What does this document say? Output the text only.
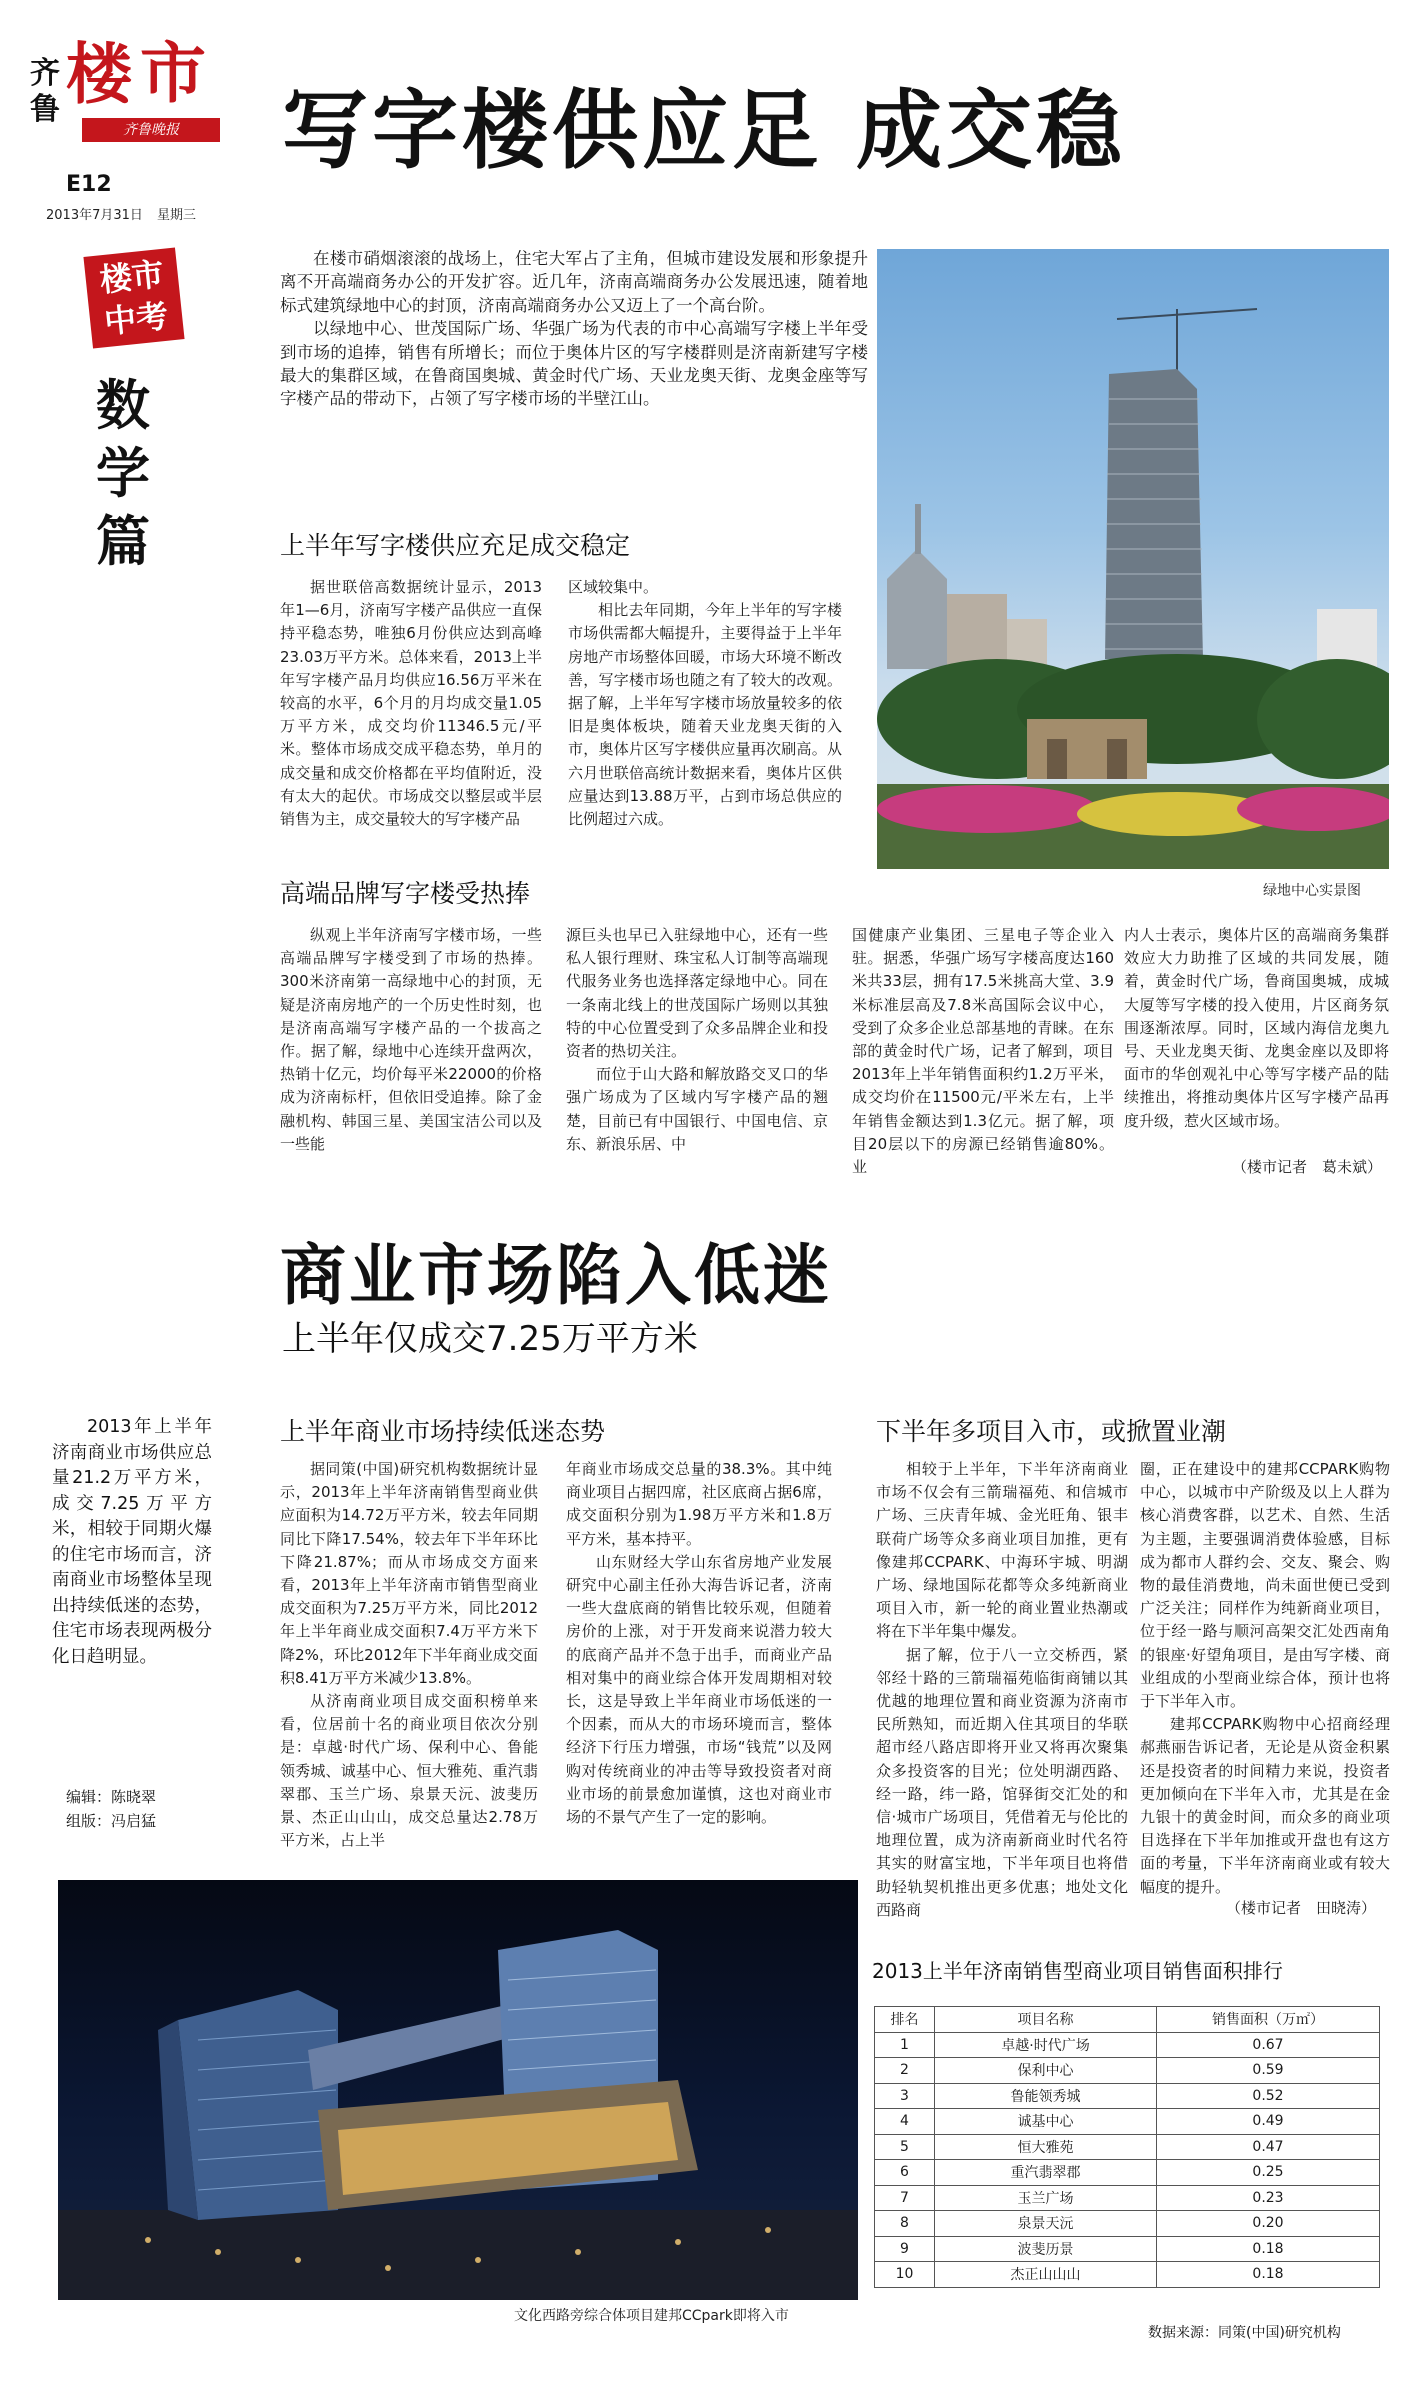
齐
鲁 楼 市
齐鲁晚报
E12
2013年7月31日 星期三
楼市
中考
数学篇
写字楼供应足 成交稳

在楼市硝烟滚滚的战场上，住宅大军占了主角，但城市建设发展和形象提升离不开高端商务办公的开发扩容。近几年，济南高端商务办公发展迅速，随着地标式建筑绿地中心的封顶，济南高端商务办公又迈上了一个高台阶。

以绿地中心、世茂国际广场、华强广场为代表的市中心高端写字楼上半年受到市场的追捧，销售有所增长；而位于奥体片区的写字楼群则是济南新建写字楼最大的集群区域，在鲁商国奥城、黄金时代广场、天业龙奥天街、龙奥金座等写字楼产品的带动下，占领了写字楼市场的半壁江山。

绿地中心实景图
上半年写字楼供应充足成交稳定

据世联倍高数据统计显示，2013年1—6月，济南写字楼产品供应一直保持平稳态势，唯独6月份供应达到高峰23.03万平方米。总体来看，2013上半年写字楼产品月均供应16.56万平米在较高的水平，6个月的月均成交量1.05万平方米，成交均价11346.5元/平米。整体市场成交成平稳态势，单月的成交量和成交价格都在平均值附近，没有太大的起伏。市场成交以整层或半层销售为主，成交量较大的写字楼产品

区域较集中。

相比去年同期，今年上半年的写字楼市场供需都大幅提升，主要得益于上半年房地产市场整体回暖，市场大环境不断改善，写字楼市场也随之有了较大的改观。据了解，上半年写字楼市场放量较多的依旧是奥体板块，随着天业龙奥天街的入市，奥体片区写字楼供应量再次刷高。从六月世联倍高统计数据来看，奥体片区供应量达到13.88万平，占到市场总供应的比例超过六成。

高端品牌写字楼受热捧

纵观上半年济南写字楼市场，一些高端品牌写字楼受到了市场的热捧。300米济南第一高绿地中心的封顶，无疑是济南房地产的一个历史性时刻，也是济南高端写字楼产品的一个拔高之作。据了解，绿地中心连续开盘两次，热销十亿元，均价每平米22000的价格成为济南标杆，但依旧受追捧。除了金融机构、韩国三星、美国宝洁公司以及一些能

源巨头也早已入驻绿地中心，还有一些私人银行理财、珠宝私人订制等高端现代服务业务也选择落定绿地中心。同在一条南北线上的世茂国际广场则以其独特的中心位置受到了众多品牌企业和投资者的热切关注。

而位于山大路和解放路交叉口的华强广场成为了区域内写字楼产品的翘楚，目前已有中国银行、中国电信、京东、新浪乐居、中

国健康产业集团、三星电子等企业入驻。据悉，华强广场写字楼高度达160米共33层，拥有17.5米挑高大堂、3.9米标准层高及7.8米高国际会议中心，受到了众多企业总部基地的青睐。在东部的黄金时代广场，记者了解到，项目2013年上半年销售面积约1.2万平米，成交均价在11500元/平米左右，上半年销售金额达到1.3亿元。据了解，项目20层以下的房源已经销售逾80%。业

内人士表示，奥体片区的高端商务集群效应大力助推了区域的共同发展，随着，黄金时代广场，鲁商国奥城，成城大厦等写字楼的投入使用，片区商务氛围逐渐浓厚。同时，区域内海信龙奥九号、天业龙奥天街、龙奥金座以及即将面市的华创观礼中心等写字楼产品的陆续推出，将推动奥体片区写字楼产品再度升级，惹火区域市场。

（楼市记者　葛未斌）
商业市场陷入低迷
上半年仅成交7.25万平方米
2013年上半年济南商业市场供应总量21.2万平方米，成交7.25万平方米，相较于同期火爆的住宅市场而言，济南商业市场整体呈现出持续低迷的态势，住宅市场表现两极分化日趋明显。
编辑：陈晓翠
组版：冯启猛
上半年商业市场持续低迷态势

据同策(中国)研究机构数据统计显示，2013年上半年济南销售型商业供应面积为14.72万平方米，较去年同期同比下降17.54%，较去年下半年环比下降21.87%；而从市场成交方面来看，2013年上半年济南市销售型商业成交面积为7.25万平方米，同比2012年上半年商业成交面积7.4万平方米下降2%，环比2012年下半年商业成交面积8.41万平方米减少13.8%。

从济南商业项目成交面积榜单来看，位居前十名的商业项目依次分别是：卓越·时代广场、保利中心、鲁能领秀城、诚基中心、恒大雅苑、重汽翡翠郡、玉兰广场、泉景天沅、波斐历景、杰正山山山，成交总量达2.78万平方米，占上半

年商业市场成交总量的38.3%。其中纯商业项目占据四席，社区底商占据6席，成交面积分别为1.98万平方米和1.8万平方米，基本持平。

山东财经大学山东省房地产业发展研究中心副主任孙大海告诉记者，济南一些大盘底商的销售比较乐观，但随着房价的上涨，对于开发商来说潜力较大的底商产品并不急于出手，而商业产品相对集中的商业综合体开发周期相对较长，这是导致上半年商业市场低迷的一个因素，而从大的市场环境而言，整体经济下行压力增强，市场“钱荒”以及网购对传统商业的冲击等导致投资者对商业市场的前景愈加谨慎，这也对商业市场的不景气产生了一定的影响。

下半年多项目入市，或掀置业潮

相较于上半年，下半年济南商业市场不仅会有三箭瑞福苑、和信城市广场、三庆青年城、金光旺角、银丰联荷广场等众多商业项目加推，更有像建邦CCPARK、中海环宇城、明湖广场、绿地国际花都等众多纯新商业项目入市，新一轮的商业置业热潮或将在下半年集中爆发。

据了解，位于八一立交桥西，紧邻经十路的三箭瑞福苑临街商铺以其优越的地理位置和商业资源为济南市民所熟知，而近期入住其项目的华联超市经八路店即将开业又将再次聚集众多投资客的目光；位处明湖西路、经一路，纬一路，馆驿街交汇处的和信·城市广场项目，凭借着无与伦比的地理位置，成为济南新商业时代名符其实的财富宝地，下半年项目也将借助轻轨契机推出更多优惠；地处文化西路商

圈，正在建设中的建邦CCPARK购物中心，以城市中产阶级及以上人群为核心消费客群，以艺术、自然、生活为主题，主要强调消费体验感，目标成为都市人群约会、交友、聚会、购物的最佳消费地，尚未面世便已受到广泛关注；同样作为纯新商业项目，位于经一路与顺河高架交汇处西南角的银座·好望角项目，是由写字楼、商业组成的小型商业综合体，预计也将于下半年入市。

建邦CCPARK购物中心招商经理郝燕丽告诉记者，无论是从资金积累还是投资者的时间精力来说，投资者更加倾向在下半年入市，尤其是在金九银十的黄金时间，而众多的商业项目选择在下半年加推或开盘也有这方面的考量，下半年济南商业或有较大幅度的提升。

（楼市记者　田晓涛）
文化西路旁综合体项目建邦CCpark即将入市
2013上半年济南销售型商业项目销售面积排行
排名	项目名称	销售面积（万㎡）
1	卓越·时代广场	0.67
2	保利中心	0.59
3	鲁能领秀城	0.52
4	诚基中心	0.49
5	恒大雅苑	0.47
6	重汽翡翠郡	0.25
7	玉兰广场	0.23
8	泉景天沅	0.20
9	波斐历景	0.18
10	杰正山山山	0.18
数据来源：同策(中国)研究机构
